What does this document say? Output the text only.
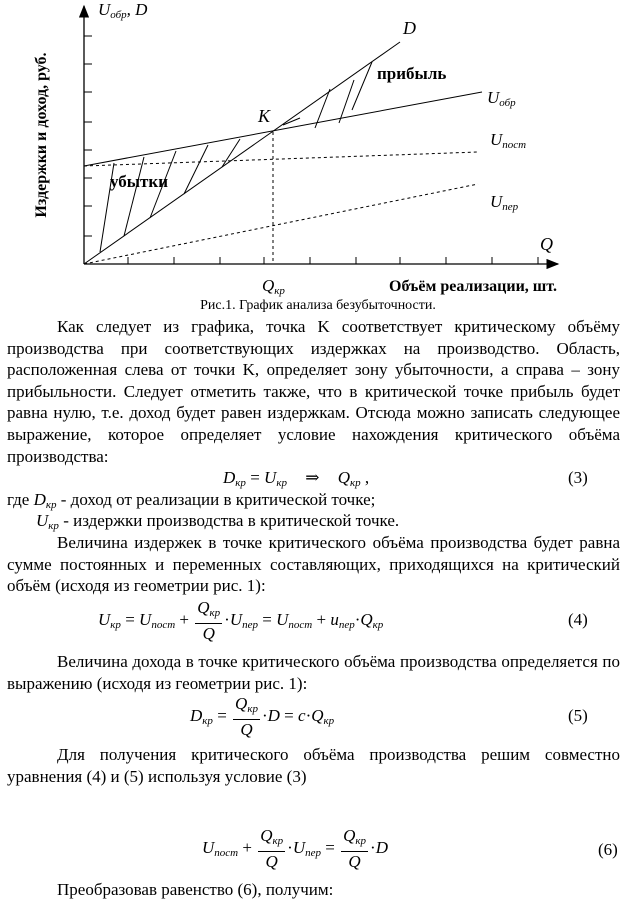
$U_{обр}$, D
Издержки и доход, руб.
D
прибыль
$U_{обр}$
K
$U_{пост}$
убытки
$U_{пер}$
Q
$Q_{кр}$	Объём реализации, шт.
Рис.1. График анализа безубыточности.
Как следует из графика, точка K соответствует критическому объёму производства при соответствующих издержках на производство. Область, расположенная слева от точки K, определяет зону убыточности, а справа – зону прибыльности. Следует отметить также, что в критической точке прибыль будет равна нулю, т.е. доход будет равен издержкам. Отсюда можно записать следующее выражение, которое определяет условие нахождения критического объёма производства:
$D_{кр} = U_{кр}$ ⇒ $Q_{кр}$ ,	(3)
где $D_{кр}$ - доход от реализации в критической точке;
$U_{кр}$ - издержки производства в критической точке.
Величина издержек в точке критического объёма производства будет равна сумме постоянных и переменных составляющих, приходящихся на критический объём (исходя из геометрии рис. 1):
$U_{кр} = U_{пост} + \frac{Q_{кр}}{Q} \cdot U_{пер} = U_{пост} + u_{пер}\cdot Q_{кр}$	(4)
Величина дохода в точке критического объёма производства определяется по выражению (исходя из геометрии рис. 1):
$D_{кр} = \frac{Q_{кр}}{Q} \cdot D = c\cdot Q_{кр}$	(5)
Для получения критического объёма производства решим совместно уравнения (4) и (5) используя условие (3)
$U_{пост} + \frac{Q_{кр}}{Q} \cdot U_{пер} = \frac{Q_{кр}}{Q} \cdot D$	(6)
Преобразовав равенство (6), получим:
